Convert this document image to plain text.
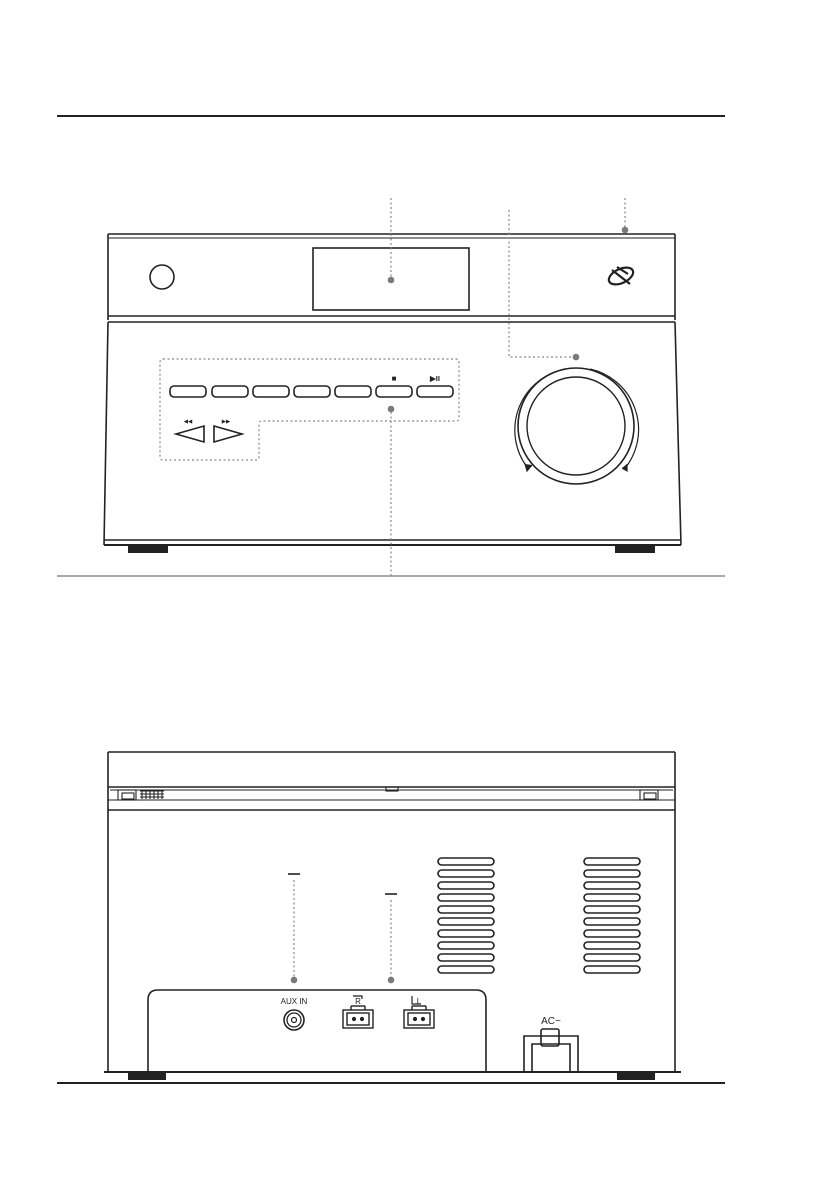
■	▶II
◀◀	▶▶
AUX IN	R	L
AC~
